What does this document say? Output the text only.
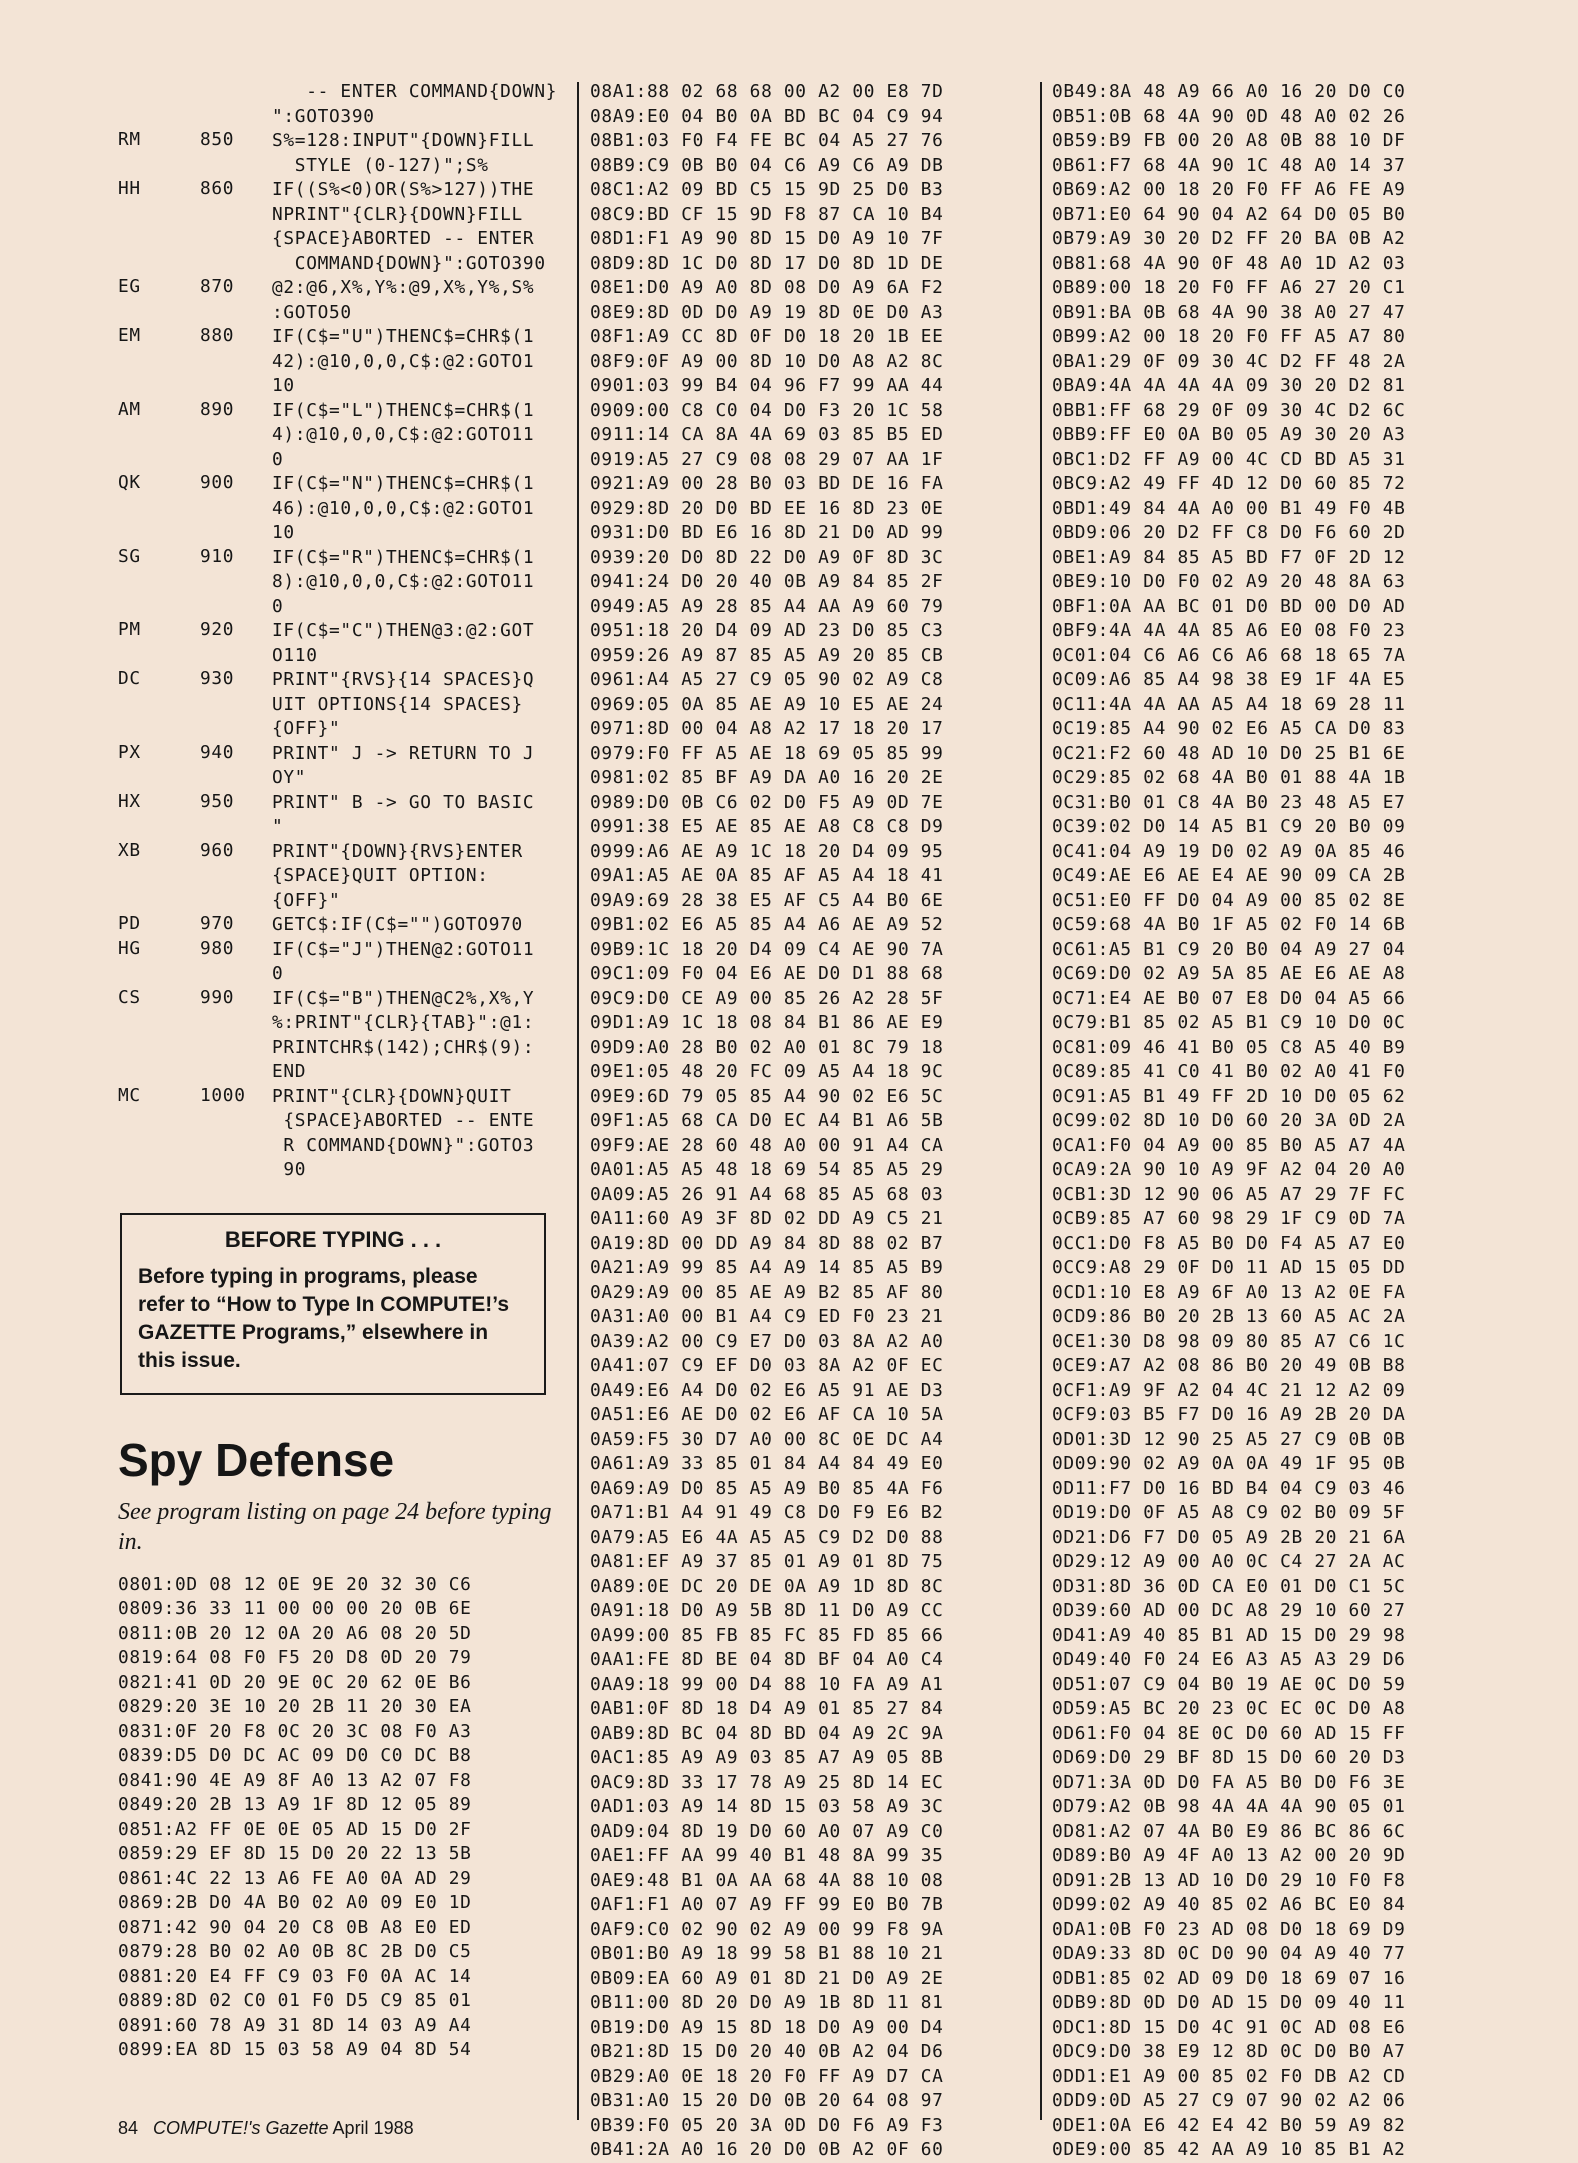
-- ENTER COMMAND{DOWN}
":GOTO390
RM	850	S%=128:INPUT"{DOWN}FILL
STYLE (0-127)";S%
HH	860	IF((S%<0)OR(S%>127))THE
NPRINT"{CLR}{DOWN}FILL
{SPACE}ABORTED -- ENTER
COMMAND{DOWN}":GOTO390
EG	870	@2:@6,X%,Y%:@9,X%,Y%,S%
:GOTO50
EM	880	IF(C$="U")THENC$=CHR$(1
42):@10,0,0,C$:@2:GOTO1
10
AM	890	IF(C$="L")THENC$=CHR$(1
4):@10,0,0,C$:@2:GOTO11
0
QK	900	IF(C$="N")THENC$=CHR$(1
46):@10,0,0,C$:@2:GOTO1
10
SG	910	IF(C$="R")THENC$=CHR$(1
8):@10,0,0,C$:@2:GOTO11
0
PM	920	IF(C$="C")THEN@3:@2:GOT
O110
DC	930	PRINT"{RVS}{14 SPACES}Q
UIT OPTIONS{14 SPACES}
{OFF}"
PX	940	PRINT" J -> RETURN TO J
OY"
HX	950	PRINT" B -> GO TO BASIC
"
XB	960	PRINT"{DOWN}{RVS}ENTER
{SPACE}QUIT OPTION:
{OFF}"
PD	970	GETC$:IF(C$="")GOTO970
HG	980	IF(C$="J")THEN@2:GOTO11
0
CS	990	IF(C$="B")THEN@C2%,X%,Y
%:PRINT"{CLR}{TAB}":@1:
PRINTCHR$(142);CHR$(9):
END
MC	1000	PRINT"{CLR}{DOWN}QUIT
{SPACE}ABORTED -- ENTE
R COMMAND{DOWN}":GOTO3
90
BEFORE TYPING . . .
Before typing in programs, please refer to “How to Type In COMPUTE!’s GAZETTE Programs,” elsewhere in this issue.
Spy Defense
See program listing on page 24 before typing in.
0801:0D 08 12 0E 9E 20 32 30 C6
0809:36 33 11 00 00 00 20 0B 6E
0811:0B 20 12 0A 20 A6 08 20 5D
0819:64 08 F0 F5 20 D8 0D 20 79
0821:41 0D 20 9E 0C 20 62 0E B6
0829:20 3E 10 20 2B 11 20 30 EA
0831:0F 20 F8 0C 20 3C 08 F0 A3
0839:D5 D0 DC AC 09 D0 C0 DC B8
0841:90 4E A9 8F A0 13 A2 07 F8
0849:20 2B 13 A9 1F 8D 12 05 89
0851:A2 FF 0E 0E 05 AD 15 D0 2F
0859:29 EF 8D 15 D0 20 22 13 5B
0861:4C 22 13 A6 FE A0 0A AD 29
0869:2B D0 4A B0 02 A0 09 E0 1D
0871:42 90 04 20 C8 0B A8 E0 ED
0879:28 B0 02 A0 0B 8C 2B D0 C5
0881:20 E4 FF C9 03 F0 0A AC 14
0889:8D 02 C0 01 F0 D5 C9 85 01
0891:60 78 A9 31 8D 14 03 A9 A4
0899:EA 8D 15 03 58 A9 04 8D 54
08A1:88 02 68 68 00 A2 00 E8 7D
08A9:E0 04 B0 0A BD BC 04 C9 94
08B1:03 F0 F4 FE BC 04 A5 27 76
08B9:C9 0B B0 04 C6 A9 C6 A9 DB
08C1:A2 09 BD C5 15 9D 25 D0 B3
08C9:BD CF 15 9D F8 87 CA 10 B4
08D1:F1 A9 90 8D 15 D0 A9 10 7F
08D9:8D 1C D0 8D 17 D0 8D 1D DE
08E1:D0 A9 A0 8D 08 D0 A9 6A F2
08E9:8D 0D D0 A9 19 8D 0E D0 A3
08F1:A9 CC 8D 0F D0 18 20 1B EE
08F9:0F A9 00 8D 10 D0 A8 A2 8C
0901:03 99 B4 04 96 F7 99 AA 44
0909:00 C8 C0 04 D0 F3 20 1C 58
0911:14 CA 8A 4A 69 03 85 B5 ED
0919:A5 27 C9 08 08 29 07 AA 1F
0921:A9 00 28 B0 03 BD DE 16 FA
0929:8D 20 D0 BD EE 16 8D 23 0E
0931:D0 BD E6 16 8D 21 D0 AD 99
0939:20 D0 8D 22 D0 A9 0F 8D 3C
0941:24 D0 20 40 0B A9 84 85 2F
0949:A5 A9 28 85 A4 AA A9 60 79
0951:18 20 D4 09 AD 23 D0 85 C3
0959:26 A9 87 85 A5 A9 20 85 CB
0961:A4 A5 27 C9 05 90 02 A9 C8
0969:05 0A 85 AE A9 10 E5 AE 24
0971:8D 00 04 A8 A2 17 18 20 17
0979:F0 FF A5 AE 18 69 05 85 99
0981:02 85 BF A9 DA A0 16 20 2E
0989:D0 0B C6 02 D0 F5 A9 0D 7E
0991:38 E5 AE 85 AE A8 C8 C8 D9
0999:A6 AE A9 1C 18 20 D4 09 95
09A1:A5 AE 0A 85 AF A5 A4 18 41
09A9:69 28 38 E5 AF C5 A4 B0 6E
09B1:02 E6 A5 85 A4 A6 AE A9 52
09B9:1C 18 20 D4 09 C4 AE 90 7A
09C1:09 F0 04 E6 AE D0 D1 88 68
09C9:D0 CE A9 00 85 26 A2 28 5F
09D1:A9 1C 18 08 84 B1 86 AE E9
09D9:A0 28 B0 02 A0 01 8C 79 18
09E1:05 48 20 FC 09 A5 A4 18 9C
09E9:6D 79 05 85 A4 90 02 E6 5C
09F1:A5 68 CA D0 EC A4 B1 A6 5B
09F9:AE 28 60 48 A0 00 91 A4 CA
0A01:A5 A5 48 18 69 54 85 A5 29
0A09:A5 26 91 A4 68 85 A5 68 03
0A11:60 A9 3F 8D 02 DD A9 C5 21
0A19:8D 00 DD A9 84 8D 88 02 B7
0A21:A9 99 85 A4 A9 14 85 A5 B9
0A29:A9 00 85 AE A9 B2 85 AF 80
0A31:A0 00 B1 A4 C9 ED F0 23 21
0A39:A2 00 C9 E7 D0 03 8A A2 A0
0A41:07 C9 EF D0 03 8A A2 0F EC
0A49:E6 A4 D0 02 E6 A5 91 AE D3
0A51:E6 AE D0 02 E6 AF CA 10 5A
0A59:F5 30 D7 A0 00 8C 0E DC A4
0A61:A9 33 85 01 84 A4 84 49 E0
0A69:A9 D0 85 A5 A9 B0 85 4A F6
0A71:B1 A4 91 49 C8 D0 F9 E6 B2
0A79:A5 E6 4A A5 A5 C9 D2 D0 88
0A81:EF A9 37 85 01 A9 01 8D 75
0A89:0E DC 20 DE 0A A9 1D 8D 8C
0A91:18 D0 A9 5B 8D 11 D0 A9 CC
0A99:00 85 FB 85 FC 85 FD 85 66
0AA1:FE 8D BE 04 8D BF 04 A0 C4
0AA9:18 99 00 D4 88 10 FA A9 A1
0AB1:0F 8D 18 D4 A9 01 85 27 84
0AB9:8D BC 04 8D BD 04 A9 2C 9A
0AC1:85 A9 A9 03 85 A7 A9 05 8B
0AC9:8D 33 17 78 A9 25 8D 14 EC
0AD1:03 A9 14 8D 15 03 58 A9 3C
0AD9:04 8D 19 D0 60 A0 07 A9 C0
0AE1:FF AA 99 40 B1 48 8A 99 35
0AE9:48 B1 0A AA 68 4A 88 10 08
0AF1:F1 A0 07 A9 FF 99 E0 B0 7B
0AF9:C0 02 90 02 A9 00 99 F8 9A
0B01:B0 A9 18 99 58 B1 88 10 21
0B09:EA 60 A9 01 8D 21 D0 A9 2E
0B11:00 8D 20 D0 A9 1B 8D 11 81
0B19:D0 A9 15 8D 18 D0 A9 00 D4
0B21:8D 15 D0 20 40 0B A2 04 D6
0B29:A0 0E 18 20 F0 FF A9 D7 CA
0B31:A0 15 20 D0 0B 20 64 08 97
0B39:F0 05 20 3A 0D D0 F6 A9 F3
0B41:2A A0 16 20 D0 0B A2 0F 60
0B49:8A 48 A9 66 A0 16 20 D0 C0
0B51:0B 68 4A 90 0D 48 A0 02 26
0B59:B9 FB 00 20 A8 0B 88 10 DF
0B61:F7 68 4A 90 1C 48 A0 14 37
0B69:A2 00 18 20 F0 FF A6 FE A9
0B71:E0 64 90 04 A2 64 D0 05 B0
0B79:A9 30 20 D2 FF 20 BA 0B A2
0B81:68 4A 90 0F 48 A0 1D A2 03
0B89:00 18 20 F0 FF A6 27 20 C1
0B91:BA 0B 68 4A 90 38 A0 27 47
0B99:A2 00 18 20 F0 FF A5 A7 80
0BA1:29 0F 09 30 4C D2 FF 48 2A
0BA9:4A 4A 4A 4A 09 30 20 D2 81
0BB1:FF 68 29 0F 09 30 4C D2 6C
0BB9:FF E0 0A B0 05 A9 30 20 A3
0BC1:D2 FF A9 00 4C CD BD A5 31
0BC9:A2 49 FF 4D 12 D0 60 85 72
0BD1:49 84 4A A0 00 B1 49 F0 4B
0BD9:06 20 D2 FF C8 D0 F6 60 2D
0BE1:A9 84 85 A5 BD F7 0F 2D 12
0BE9:10 D0 F0 02 A9 20 48 8A 63
0BF1:0A AA BC 01 D0 BD 00 D0 AD
0BF9:4A 4A 4A 85 A6 E0 08 F0 23
0C01:04 C6 A6 C6 A6 68 18 65 7A
0C09:A6 85 A4 98 38 E9 1F 4A E5
0C11:4A 4A AA A5 A4 18 69 28 11
0C19:85 A4 90 02 E6 A5 CA D0 83
0C21:F2 60 48 AD 10 D0 25 B1 6E
0C29:85 02 68 4A B0 01 88 4A 1B
0C31:B0 01 C8 4A B0 23 48 A5 E7
0C39:02 D0 14 A5 B1 C9 20 B0 09
0C41:04 A9 19 D0 02 A9 0A 85 46
0C49:AE E6 AE E4 AE 90 09 CA 2B
0C51:E0 FF D0 04 A9 00 85 02 8E
0C59:68 4A B0 1F A5 02 F0 14 6B
0C61:A5 B1 C9 20 B0 04 A9 27 04
0C69:D0 02 A9 5A 85 AE E6 AE A8
0C71:E4 AE B0 07 E8 D0 04 A5 66
0C79:B1 85 02 A5 B1 C9 10 D0 0C
0C81:09 46 41 B0 05 C8 A5 40 B9
0C89:85 41 C0 41 B0 02 A0 41 F0
0C91:A5 B1 49 FF 2D 10 D0 05 62
0C99:02 8D 10 D0 60 20 3A 0D 2A
0CA1:F0 04 A9 00 85 B0 A5 A7 4A
0CA9:2A 90 10 A9 9F A2 04 20 A0
0CB1:3D 12 90 06 A5 A7 29 7F FC
0CB9:85 A7 60 98 29 1F C9 0D 7A
0CC1:D0 F8 A5 B0 D0 F4 A5 A7 E0
0CC9:A8 29 0F D0 11 AD 15 05 DD
0CD1:10 E8 A9 6F A0 13 A2 0E FA
0CD9:86 B0 20 2B 13 60 A5 AC 2A
0CE1:30 D8 98 09 80 85 A7 C6 1C
0CE9:A7 A2 08 86 B0 20 49 0B B8
0CF1:A9 9F A2 04 4C 21 12 A2 09
0CF9:03 B5 F7 D0 16 A9 2B 20 DA
0D01:3D 12 90 25 A5 27 C9 0B 0B
0D09:90 02 A9 0A 0A 49 1F 95 0B
0D11:F7 D0 16 BD B4 04 C9 03 46
0D19:D0 0F A5 A8 C9 02 B0 09 5F
0D21:D6 F7 D0 05 A9 2B 20 21 6A
0D29:12 A9 00 A0 0C C4 27 2A AC
0D31:8D 36 0D CA E0 01 D0 C1 5C
0D39:60 AD 00 DC A8 29 10 60 27
0D41:A9 40 85 B1 AD 15 D0 29 98
0D49:40 F0 24 E6 A3 A5 A3 29 D6
0D51:07 C9 04 B0 19 AE 0C D0 59
0D59:A5 BC 20 23 0C EC 0C D0 A8
0D61:F0 04 8E 0C D0 60 AD 15 FF
0D69:D0 29 BF 8D 15 D0 60 20 D3
0D71:3A 0D D0 FA A5 B0 D0 F6 3E
0D79:A2 0B 98 4A 4A 4A 90 05 01
0D81:A2 07 4A B0 E9 86 BC 86 6C
0D89:B0 A9 4F A0 13 A2 00 20 9D
0D91:2B 13 AD 10 D0 29 10 F0 F8
0D99:02 A9 40 85 02 A6 BC E0 84
0DA1:0B F0 23 AD 08 D0 18 69 D9
0DA9:33 8D 0C D0 90 04 A9 40 77
0DB1:85 02 AD 09 D0 18 69 07 16
0DB9:8D 0D D0 AD 15 D0 09 40 11
0DC1:8D 15 D0 4C 91 0C AD 08 E6
0DC9:D0 38 E9 12 8D 0C D0 B0 A7
0DD1:E1 A9 00 85 02 F0 DB A2 CD
0DD9:0D A5 27 C9 07 90 02 A2 06
0DE1:0A E6 42 E4 42 B0 59 A9 82
0DE9:00 85 42 AA A9 10 85 B1 A2
84 COMPUTE!'s Gazette April 1988
